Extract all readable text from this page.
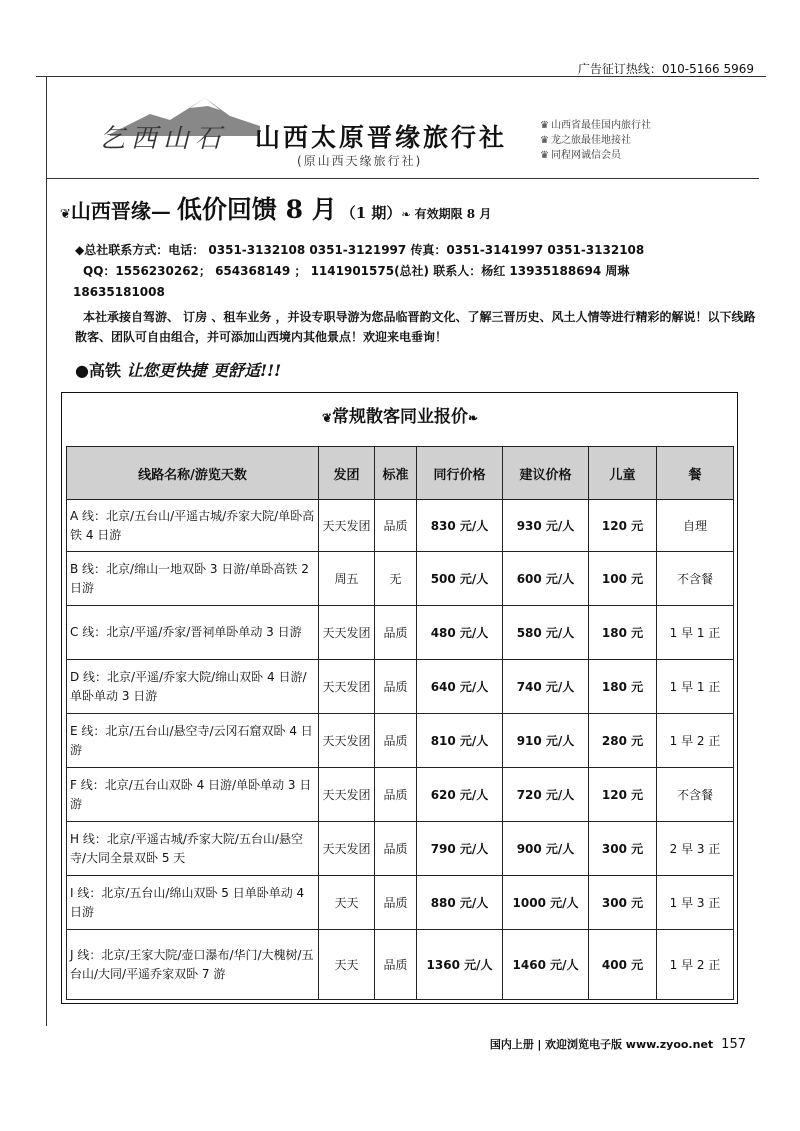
广告征订热线：010-5166 5969
乞西山石 山西太原晋缘旅行社
(原山西天缘旅行社)
♛ 山西省最佳国内旅行社
♛ 龙之旅最佳地接社
♛ 同程网诚信会员
❦山西晋缘— 低价回馈 8 月 （1 期）❧ 有效期限 8 月
◆总社联系方式：电话： 0351-3132108 0351-3121997 传真：0351-3141997 0351-3132108
QQ：1556230262； 654368149 ； 1141901575(总社) 联系人：杨红 13935188694 周琳
18635181008
本社承接自驾游、 订房 、租车业务 ，并设专职导游为您品临晋韵文化、了解三晋历史、风土人情等进行精彩的解说！以下线路散客、团队可自由组合，并可添加山西境内其他景点！欢迎来电垂询！
●高铁 让您更快捷 更舒适!!!
❦常规散客同业报价❧
线路名称/游览天数	发团	标准	同行价格	建议价格	儿童	餐
A 线：北京/五台山/平遥古城/乔家大院/单卧高铁 4 日游	天天发团	品质	830 元/人	930 元/人	120 元	自理
B 线：北京/绵山一地双卧 3 日游/单卧高铁 2 日游	周五	无	500 元/人	600 元/人	100 元	不含餐
C 线：北京/平遥/乔家/晋祠单卧单动 3 日游	天天发团	品质	480 元/人	580 元/人	180 元	1 早 1 正
D 线：北京/平遥/乔家大院/绵山双卧 4 日游/单卧单动 3 日游	天天发团	品质	640 元/人	740 元/人	180 元	1 早 1 正
E 线：北京/五台山/悬空寺/云冈石窟双卧 4 日游	天天发团	品质	810 元/人	910 元/人	280 元	1 早 2 正
F 线：北京/五台山双卧 4 日游/单卧单动 3 日游	天天发团	品质	620 元/人	720 元/人	120 元	不含餐
H 线：北京/平遥古城/乔家大院/五台山/悬空寺/大同全景双卧 5 天	天天发团	品质	790 元/人	900 元/人	300 元	2 早 3 正
I 线：北京/五台山/绵山双卧 5 日单卧单动 4 日游	天天	品质	880 元/人	1000 元/人	300 元	1 早 3 正
J 线：北京/王家大院/壶口瀑布/华门/大槐树/五台山/大同/平遥乔家双卧 7 游	天天	品质	1360 元/人	1460 元/人	400 元	1 早 2 正
国内上册 | 欢迎浏览电子版 www.zyoo.net 157
